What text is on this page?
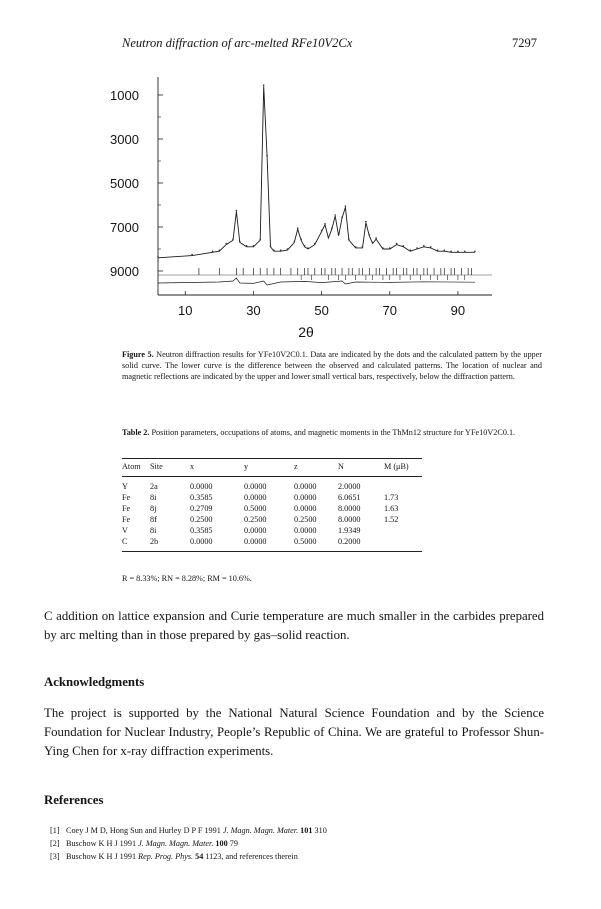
Neutron diffraction of arc-melted RFe10V2Cx	7297
9000
7000
5000
3000
1000
10	30	50	70	90
2θ
Figure 5. Neutron diffraction results for YFe10V2C0.1. Data are indicated by the dots and the calculated pattern by the upper solid curve. The lower curve is the difference between the observed and calculated patterns. The location of nuclear and magnetic reflections are indicated by the upper and lower small vertical bars, respectively, below the diffraction pattern.
Table 2. Position parameters, occupations of atoms, and magnetic moments in the ThMn12 structure for YFe10V2C0.1.
Atom Site	x	y	z	N	M (μB)
Y	2a	0.0000	0.0000	0.0000	2.0000
Fe 8i	0.3585	0.0000	0.0000	6.0651	1.73
Fe 8j	0.2709	0.5000	0.0000	8.0000	1.63
Fe 8f	0.2500	0.2500	0.2500	8.0000	1.52
V	8i	0.3585	0.0000	0.0000	1.9349
C	2b	0.0000	0.0000	0.5000	0.2000
R = 8.33%; RN = 8.28%; RM = 10.6%.
C addition on lattice expansion and Curie temperature are much smaller in the carbides prepared by arc melting than in those prepared by gas–solid reaction.
Acknowledgments
The project is supported by the National Natural Science Foundation and by the Science Foundation for Nuclear Industry, People’s Republic of China. We are grateful to Professor Shun-Ying Chen for x-ray diffraction experiments.
References
[1] Coey J M D, Hong Sun and Hurley D P F 1991 J. Magn. Magn. Mater. 101 310
[2] Buschow K H J 1991 J. Magn. Magn. Mater. 100 79
[3] Buschow K H J 1991 Rep. Prog. Phys. 54 1123, and references therein
